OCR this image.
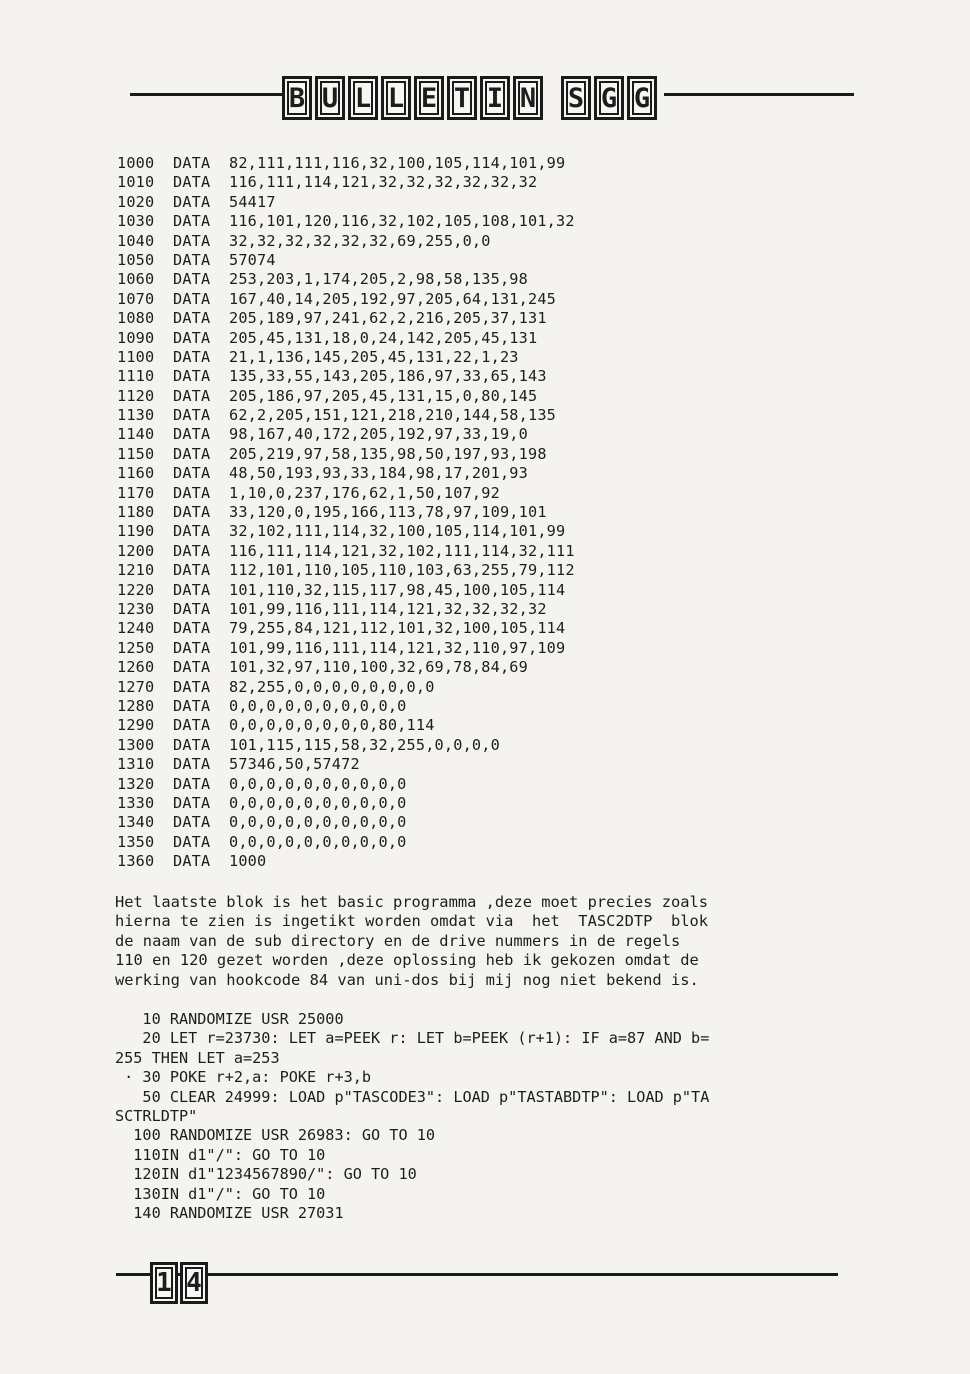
B U L L E T I N S G G
1000 DATA 82,111,111,116,32,100,105,114,101,99
1010 DATA 116,111,114,121,32,32,32,32,32,32
1020 DATA 54417
1030 DATA 116,101,120,116,32,102,105,108,101,32
1040 DATA 32,32,32,32,32,32,69,255,0,0
1050 DATA 57074
1060 DATA 253,203,1,174,205,2,98,58,135,98
1070 DATA 167,40,14,205,192,97,205,64,131,245
1080 DATA 205,189,97,241,62,2,216,205,37,131
1090 DATA 205,45,131,18,0,24,142,205,45,131
1100 DATA 21,1,136,145,205,45,131,22,1,23
1110 DATA 135,33,55,143,205,186,97,33,65,143
1120 DATA 205,186,97,205,45,131,15,0,80,145
1130 DATA 62,2,205,151,121,218,210,144,58,135
1140 DATA 98,167,40,172,205,192,97,33,19,0
1150 DATA 205,219,97,58,135,98,50,197,93,198
1160 DATA 48,50,193,93,33,184,98,17,201,93
1170 DATA 1,10,0,237,176,62,1,50,107,92
1180 DATA 33,120,0,195,166,113,78,97,109,101
1190 DATA 32,102,111,114,32,100,105,114,101,99
1200 DATA 116,111,114,121,32,102,111,114,32,111
1210 DATA 112,101,110,105,110,103,63,255,79,112
1220 DATA 101,110,32,115,117,98,45,100,105,114
1230 DATA 101,99,116,111,114,121,32,32,32,32
1240 DATA 79,255,84,121,112,101,32,100,105,114
1250 DATA 101,99,116,111,114,121,32,110,97,109
1260 DATA 101,32,97,110,100,32,69,78,84,69
1270 DATA 82,255,0,0,0,0,0,0,0,0
1280 DATA 0,0,0,0,0,0,0,0,0,0
1290 DATA 0,0,0,0,0,0,0,0,80,114
1300 DATA 101,115,115,58,32,255,0,0,0,0
1310 DATA 57346,50,57472
1320 DATA 0,0,0,0,0,0,0,0,0,0
1330 DATA 0,0,0,0,0,0,0,0,0,0
1340 DATA 0,0,0,0,0,0,0,0,0,0
1350 DATA 0,0,0,0,0,0,0,0,0,0
1360 DATA 1000
Het laatste blok is het basic programma ,deze moet precies zoals
hierna te zien is ingetikt worden omdat via  het  TASC2DTP  blok
de naam van de sub directory en de drive nummers in de regels
110 en 120 gezet worden ,deze oplossing heb ik gekozen omdat de
werking van hookcode 84 van uni-dos bij mij nog niet bekend is.
10 RANDOMIZE USR 25000
20 LET r=23730: LET a=PEEK r: LET b=PEEK (r+1): IF a=87 AND b=
255 THEN LET a=253
· 30 POKE r+2,a: POKE r+3,b
50 CLEAR 24999: LOAD p"TASCODE3": LOAD p"TASTABDTP": LOAD p"TA
SCTRLDTP"
100 RANDOMIZE USR 26983: GO TO 10
110IN d1"/": GO TO 10
120IN d1"1234567890/": GO TO 10
130IN d1"/": GO TO 10
140 RANDOMIZE USR 27031
1 4
